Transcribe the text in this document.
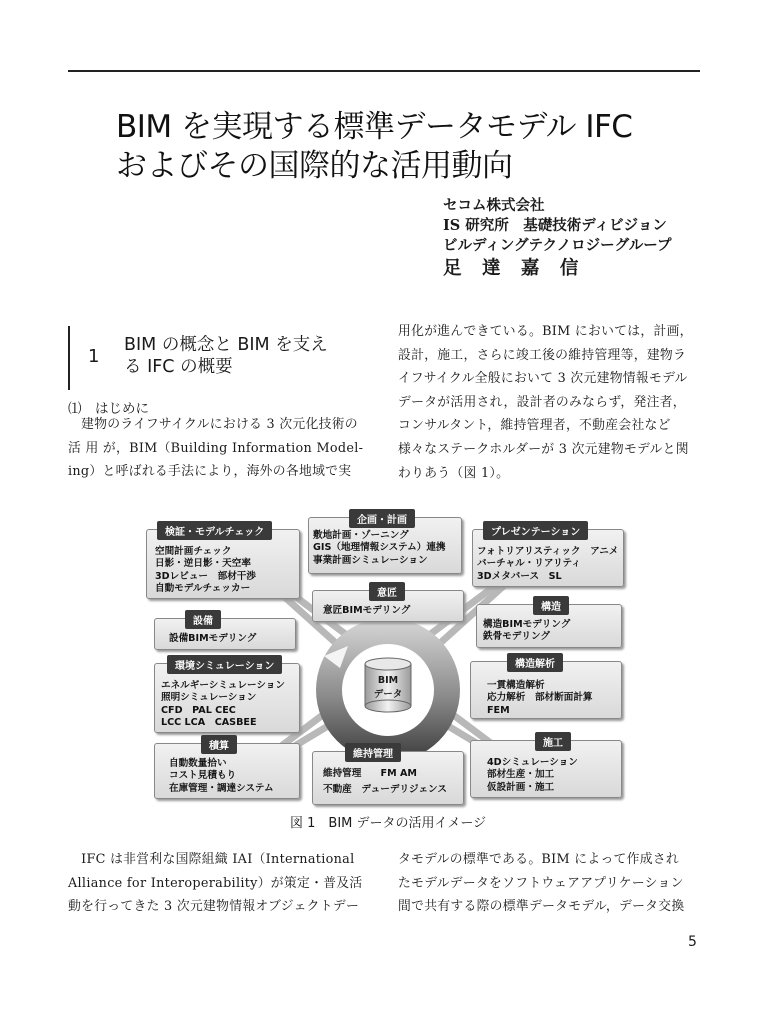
BIM を実現する標準データモデル IFC
およびその国際的な活用動向
セコム株式会社
IS 研究所　基礎技術ディビジョン
ビルディングテクノロジーグループ
足 達 嘉 信
1
BIM の概念と BIM を支え
る IFC の概要
⑴　はじめに
　建物のライフサイクルにおける 3 次元化技術の
活 用 が，BIM（Building Information Model-
ing）と呼ばれる手法により，海外の各地域で実
用化が進んできている。BIM においては，計画，
設計，施工，さらに竣工後の維持管理等，建物ラ
イフサイクル全般において 3 次元建物情報モデル
データが活用され，設計者のみならず，発注者，
コンサルタント，維持管理者，不動産会社など
様々なステークホルダーが 3 次元建物モデルと関
わりあう（図 1）。
BIM
データ
検証・モデルチェック
空間計画チェック
日影・逆日影・天空率
3Dレビュー　部材干渉
自動モデルチェッカー
企画・計画
敷地計画・ゾーニング
GIS（地理情報システム）連携
事業計画シミュレーション
プレゼンテーション
フォトリアリスティック　アニメ
バーチャル・リアリティ
3Dメタバース　SL
意匠
意匠BIMモデリング
設備
設備BIMモデリング
構造
構造BIMモデリング
鉄骨モデリング
環境シミュレーション
エネルギーシミュレーション
照明シミュレーション
CFD　PAL CEC
LCC LCA　CASBEE
構造解析
一貫構造解析
応力解析　部材断面計算
FEM
積算
自動数量拾い
コスト見積もり
在庫管理・調達システム
維持管理
維持管理　　FM AM
不動産　デューデリジェンス
施工
4Dシミュレーション
部材生産・加工
仮設計画・施工
図 1　BIM データの活用イメージ
　IFC は非営利な国際組織 IAI（International
Alliance for Interoperability）が策定・普及活
動を行ってきた 3 次元建物情報オブジェクトデー
タモデルの標準である。BIM によって作成され
たモデルデータをソフトウェアアプリケーション
間で共有する際の標準データモデル，データ交換
5
